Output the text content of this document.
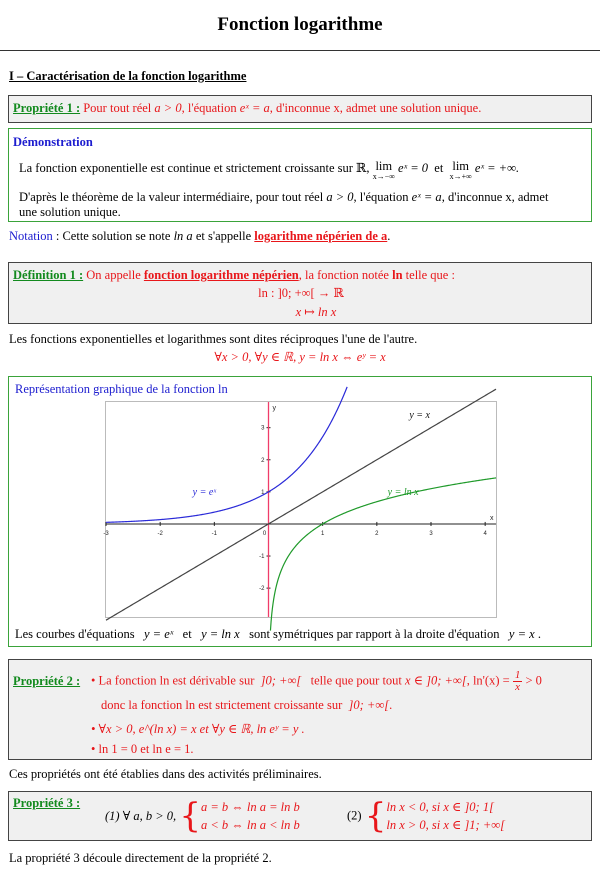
Fonction logarithme
I – Caractérisation de la fonction logarithme
Propriété 1 : Pour tout réel a > 0, l'équation eˣ = a, d'inconnue x, admet une solution unique.
Démonstration
La fonction exponentielle est continue et strictement croissante sur ℝ, lim
x→−∞
eˣ = 0 et lim
x→+∞
eˣ = +∞.
D'après le théorème de la valeur intermédiaire, pour tout réel a > 0, l'équation eˣ = a, d'inconnue x, admet
une solution unique.
Notation : Cette solution se note ln a et s'appelle logarithme népérien de a.
Définition 1 : On appelle fonction logarithme népérien, la fonction notée ln telle que :
ln : ]0; +∞[ → ℝ
x ↦ ln x
Les fonctions exponentielles et logarithmes sont dites réciproques l'une de l'autre.
∀x > 0, ∀y ∈ ℝ, y = ln x ⇔ eʸ = x
Représentation graphique de la fonction ln
-3	-2	-1	0	1	2	3	4
-2
-1
1
2
3
x
y
y = eˣ	y = ln x
y = x
Les courbes d'équations y = eˣ et y = ln x sont symétriques par rapport à la droite d'équation y = x .
Propriété 2 : • La fonction ln est dérivable sur ]0; +∞[ telle que pour tout x ∈ ]0; +∞[, $\ln'(x) = \frac{1}{x} > 0$
donc la fonction ln est strictement croissante sur ]0; +∞[.
• ∀x > 0, e^(ln x) = x et ∀y ∈ ℝ, ln eʸ = y .
• ln 1 = 0 et ln e = 1.
Ces propriétés ont été établies dans des activités préliminaires.
Propriété 3 :
(1) ∀ a, b > 0, {a = b ⇔ ln a = ln b
a < b ⇔ ln a < ln b
(2) {ln x < 0, si x ∈ ]0; 1[
ln x > 0, si x ∈ ]1; +∞[
La propriété 3 découle directement de la propriété 2.
